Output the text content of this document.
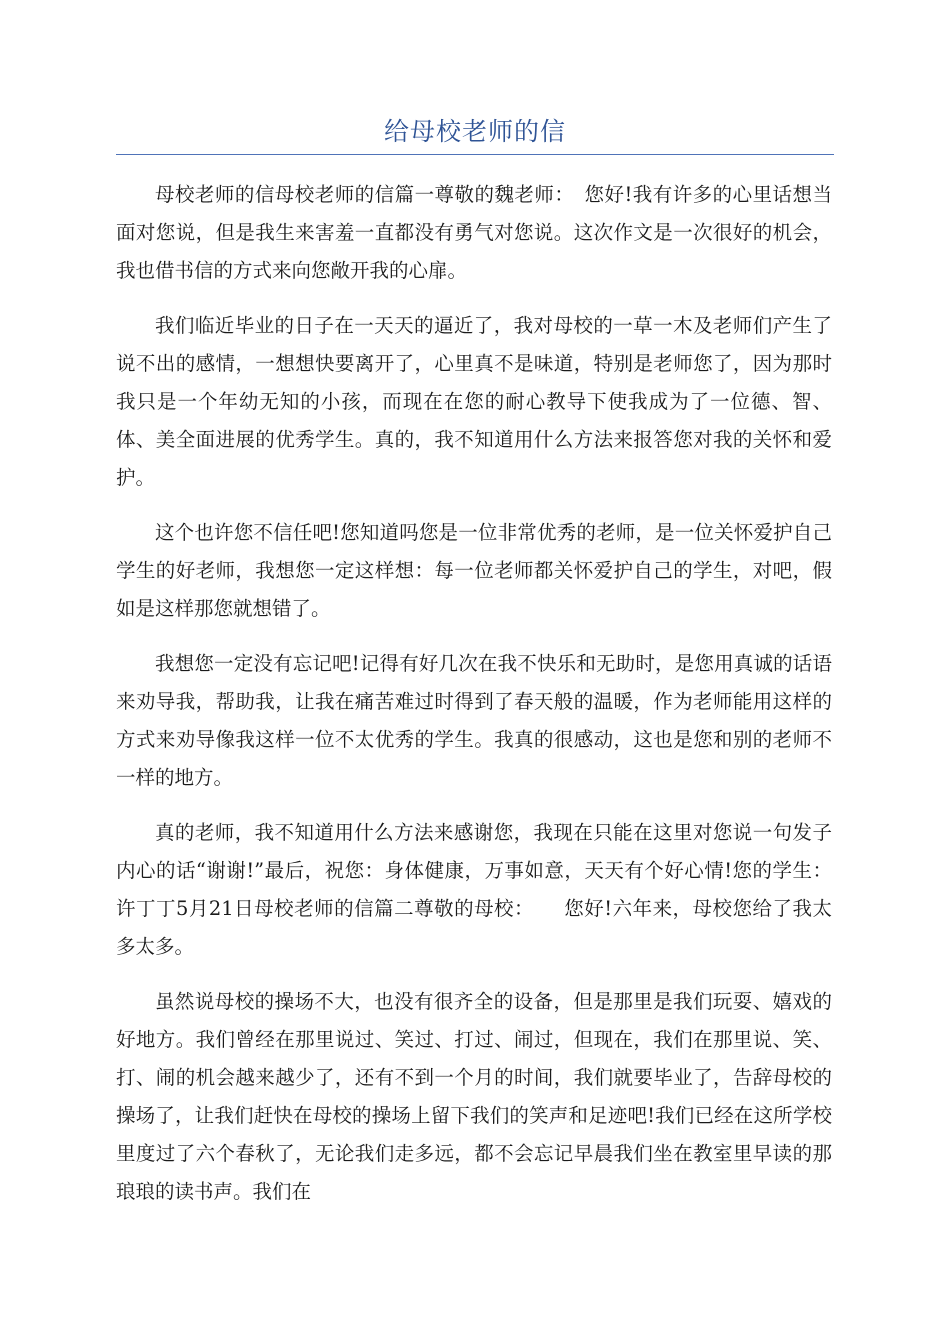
给母校老师的信

母校老师的信母校老师的信篇一尊敬的魏老师：　您好!我有许多的心里话想当面对您说，但是我生来害羞一直都没有勇气对您说。这次作文是一次很好的机会，我也借书信的方式来向您敞开我的心扉。

我们临近毕业的日子在一天天的逼近了，我对母校的一草一木及老师们产生了说不出的感情，一想想快要离开了，心里真不是味道，特别是老师您了，因为那时我只是一个年幼无知的小孩，而现在在您的耐心教导下使我成为了一位德、智、体、美全面进展的优秀学生。真的，我不知道用什么方法来报答您对我的关怀和爱护。

这个也许您不信任吧!您知道吗您是一位非常优秀的老师，是一位关怀爱护自己学生的好老师，我想您一定这样想：每一位老师都关怀爱护自己的学生，对吧，假如是这样那您就想错了。

我想您一定没有忘记吧!记得有好几次在我不快乐和无助时，是您用真诚的话语来劝导我，帮助我，让我在痛苦难过时得到了春天般的温暖，作为老师能用这样的方式来劝导像我这样一位不太优秀的学生。我真的很感动，这也是您和别的老师不一样的地方。

真的老师，我不知道用什么方法来感谢您，我现在只能在这里对您说一句发子内心的话“谢谢!”最后，祝您：身体健康，万事如意，天天有个好心情!您的学生：许丁丁5月21日母校老师的信篇二尊敬的母校：　　您好!六年来，母校您给了我太多太多。

虽然说母校的操场不大，也没有很齐全的设备，但是那里是我们玩耍、嬉戏的好地方。我们曾经在那里说过、笑过、打过、闹过，但现在，我们在那里说、笑、打、闹的机会越来越少了，还有不到一个月的时间，我们就要毕业了，告辞母校的操场了，让我们赶快在母校的操场上留下我们的笑声和足迹吧!我们已经在这所学校里度过了六个春秋了，无论我们走多远，都不会忘记早晨我们坐在教室里早读的那琅琅的读书声。我们在
